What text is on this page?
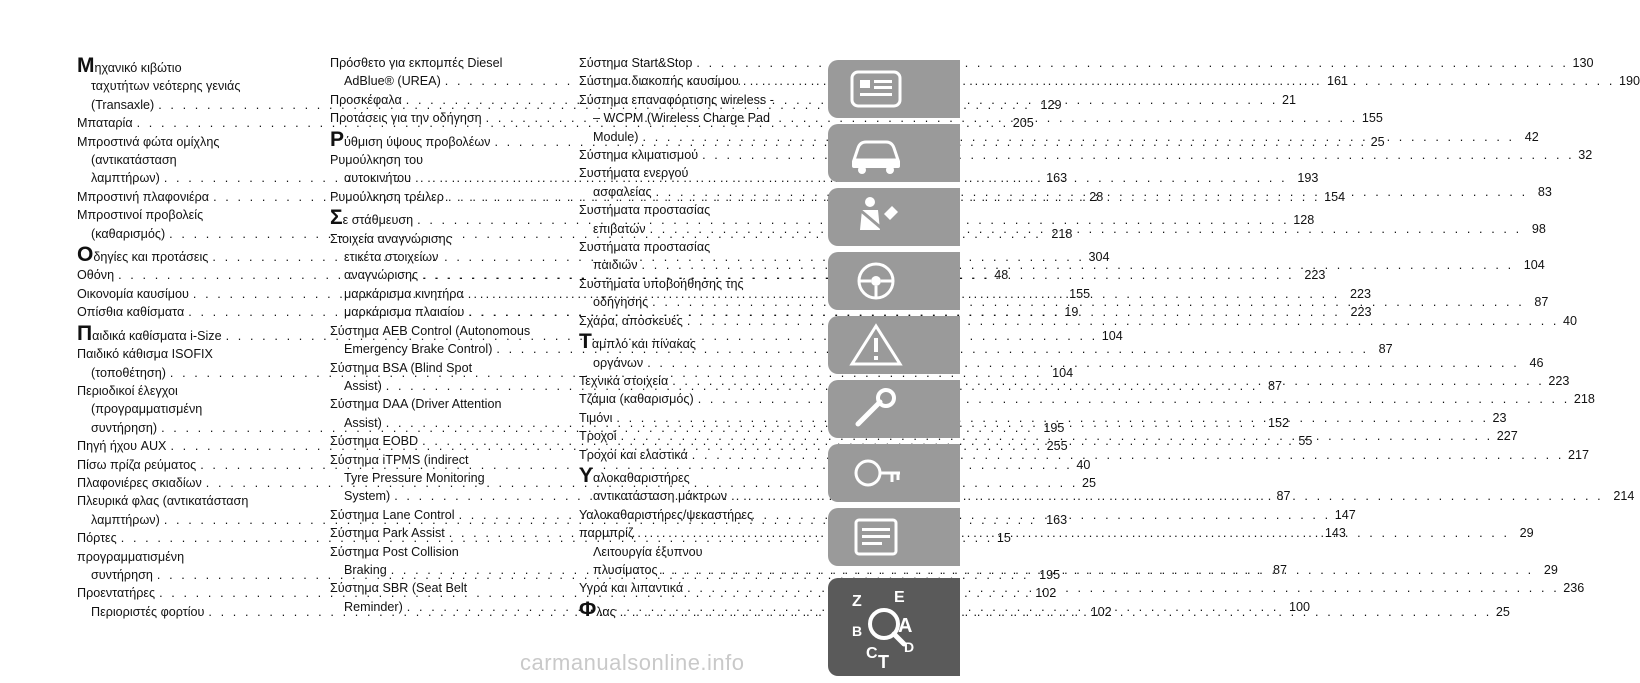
Μηχανικό κιβώτιο
ταχυτήτων νεότερης γενιάς
(Transaxle) . . .	129
Μπαταρία . . .	205
Μπροστινά φώτα ομίχλης
(αντικατάσταση
λαμπτήρων) . . .	163
Μπροστινή πλαφονιέρα . . .	28
Μπροστινοί προβολείς
(καθαρισμός) . . .	218
Οδηγίες και προτάσεις . . .	304
Οθόνη . . .	48
Οικονομία καυσίμου . . .	155
Οπίσθια καθίσματα . . .	19
Παιδικά καθίσματα i-Size . . .	104
Παιδικό κάθισμα ISOFIX
(τοποθέτηση) . . .	104
Περιοδικοί έλεγχοι
(προγραμματισμένη
συντήρηση) . . .	195
Πηγή ήχου AUX . . .	255
Πίσω πρίζα ρεύματος . . .	40
Πλαφονιέρες σκιαδίων . . .	25
Πλευρικά φλας (αντικατάσταση
λαμπτήρων) . . .	163
Πόρτες . . .	15
προγραμματισμένη
συντήρηση . . .	195
Προεντατήρες . . .	102
Περιοριστές φορτίου . . .	102
Πρόσθετο για εκπομπές Diesel
AdBlue® (UREA) . . .	161
Προσκέφαλα . . .	21
Προτάσεις για την οδήγηση . . .	155
Ρύθμιση ύψους προβολέων . . .	25
Ρυμούλκηση του
αυτοκινήτου . . .	193
Ρυμούλκηση τρέιλερ . . .	154
Σε στάθμευση . . .	128
Στοιχεία αναγνώρισης
ετικέτα στοιχείων
αναγνώρισης . . .	223
μαρκάρισμα κινητήρα . . .	223
μαρκάρισμα πλαισίου . . .	223
Σύστημα AEB Control (Autonomous
Emergency Brake Control) . . .	87
Σύστημα BSA (Blind Spot
Assist) . . .	87
Σύστημα DAA (Driver Attention
Assist) . . .	152
Σύστημα EOBD . . .	55
Σύστημα iTPMS (indirect
Tyre Pressure Monitoring
System) . . .	87
Σύστημα Lane Control . . .	147
Σύστημα Park Assist . . .	143
Σύστημα Post Collision
Braking . . .	87
Σύστημα SBR (Seat Belt
Reminder) . . .	100
Σύστημα Start&Stop . . .	130
Σύστημα διακοπής καυσίμου . . .	190
Σύστημα επαναφόρτισης wireless -
– WCPM (Wireless Charge Pad
Module) . . .	42
Σύστημα κλιματισμού . . .	32
Συστήματα ενεργού
ασφαλείας . . .	83
Συστήματα προστασίας
επιβατών . . .	98
Συστήματα προστασίας
παιδιών . . .	104
Συστήματα υποβοήθησης της
οδήγησης . . .	87
Σχάρα, αποσκευές . . .	40
Ταμπλό και πίνακας
οργάνων . . .	46
Τεχνικά στοιχεία . . .	223
Τζάμια (καθαρισμός) . . .	218
Τιμόνι . . .	23
Τροχοί . . .	227
Τροχοί και ελαστικά . . .	217
Υαλοκαθαριστήρες
αντικατάσταση μάκτρων . . .	214
Υαλοκαθαριστήρες/ψεκαστήρες
παρμπρίζ . . .	29
Λειτουργία έξυπνου
πλυσίματος . . .	29
Υγρά και λιπαντικά . . .	236
Φλας . . .	25
Z E
B A
C T
D
carmanualsonline.info
